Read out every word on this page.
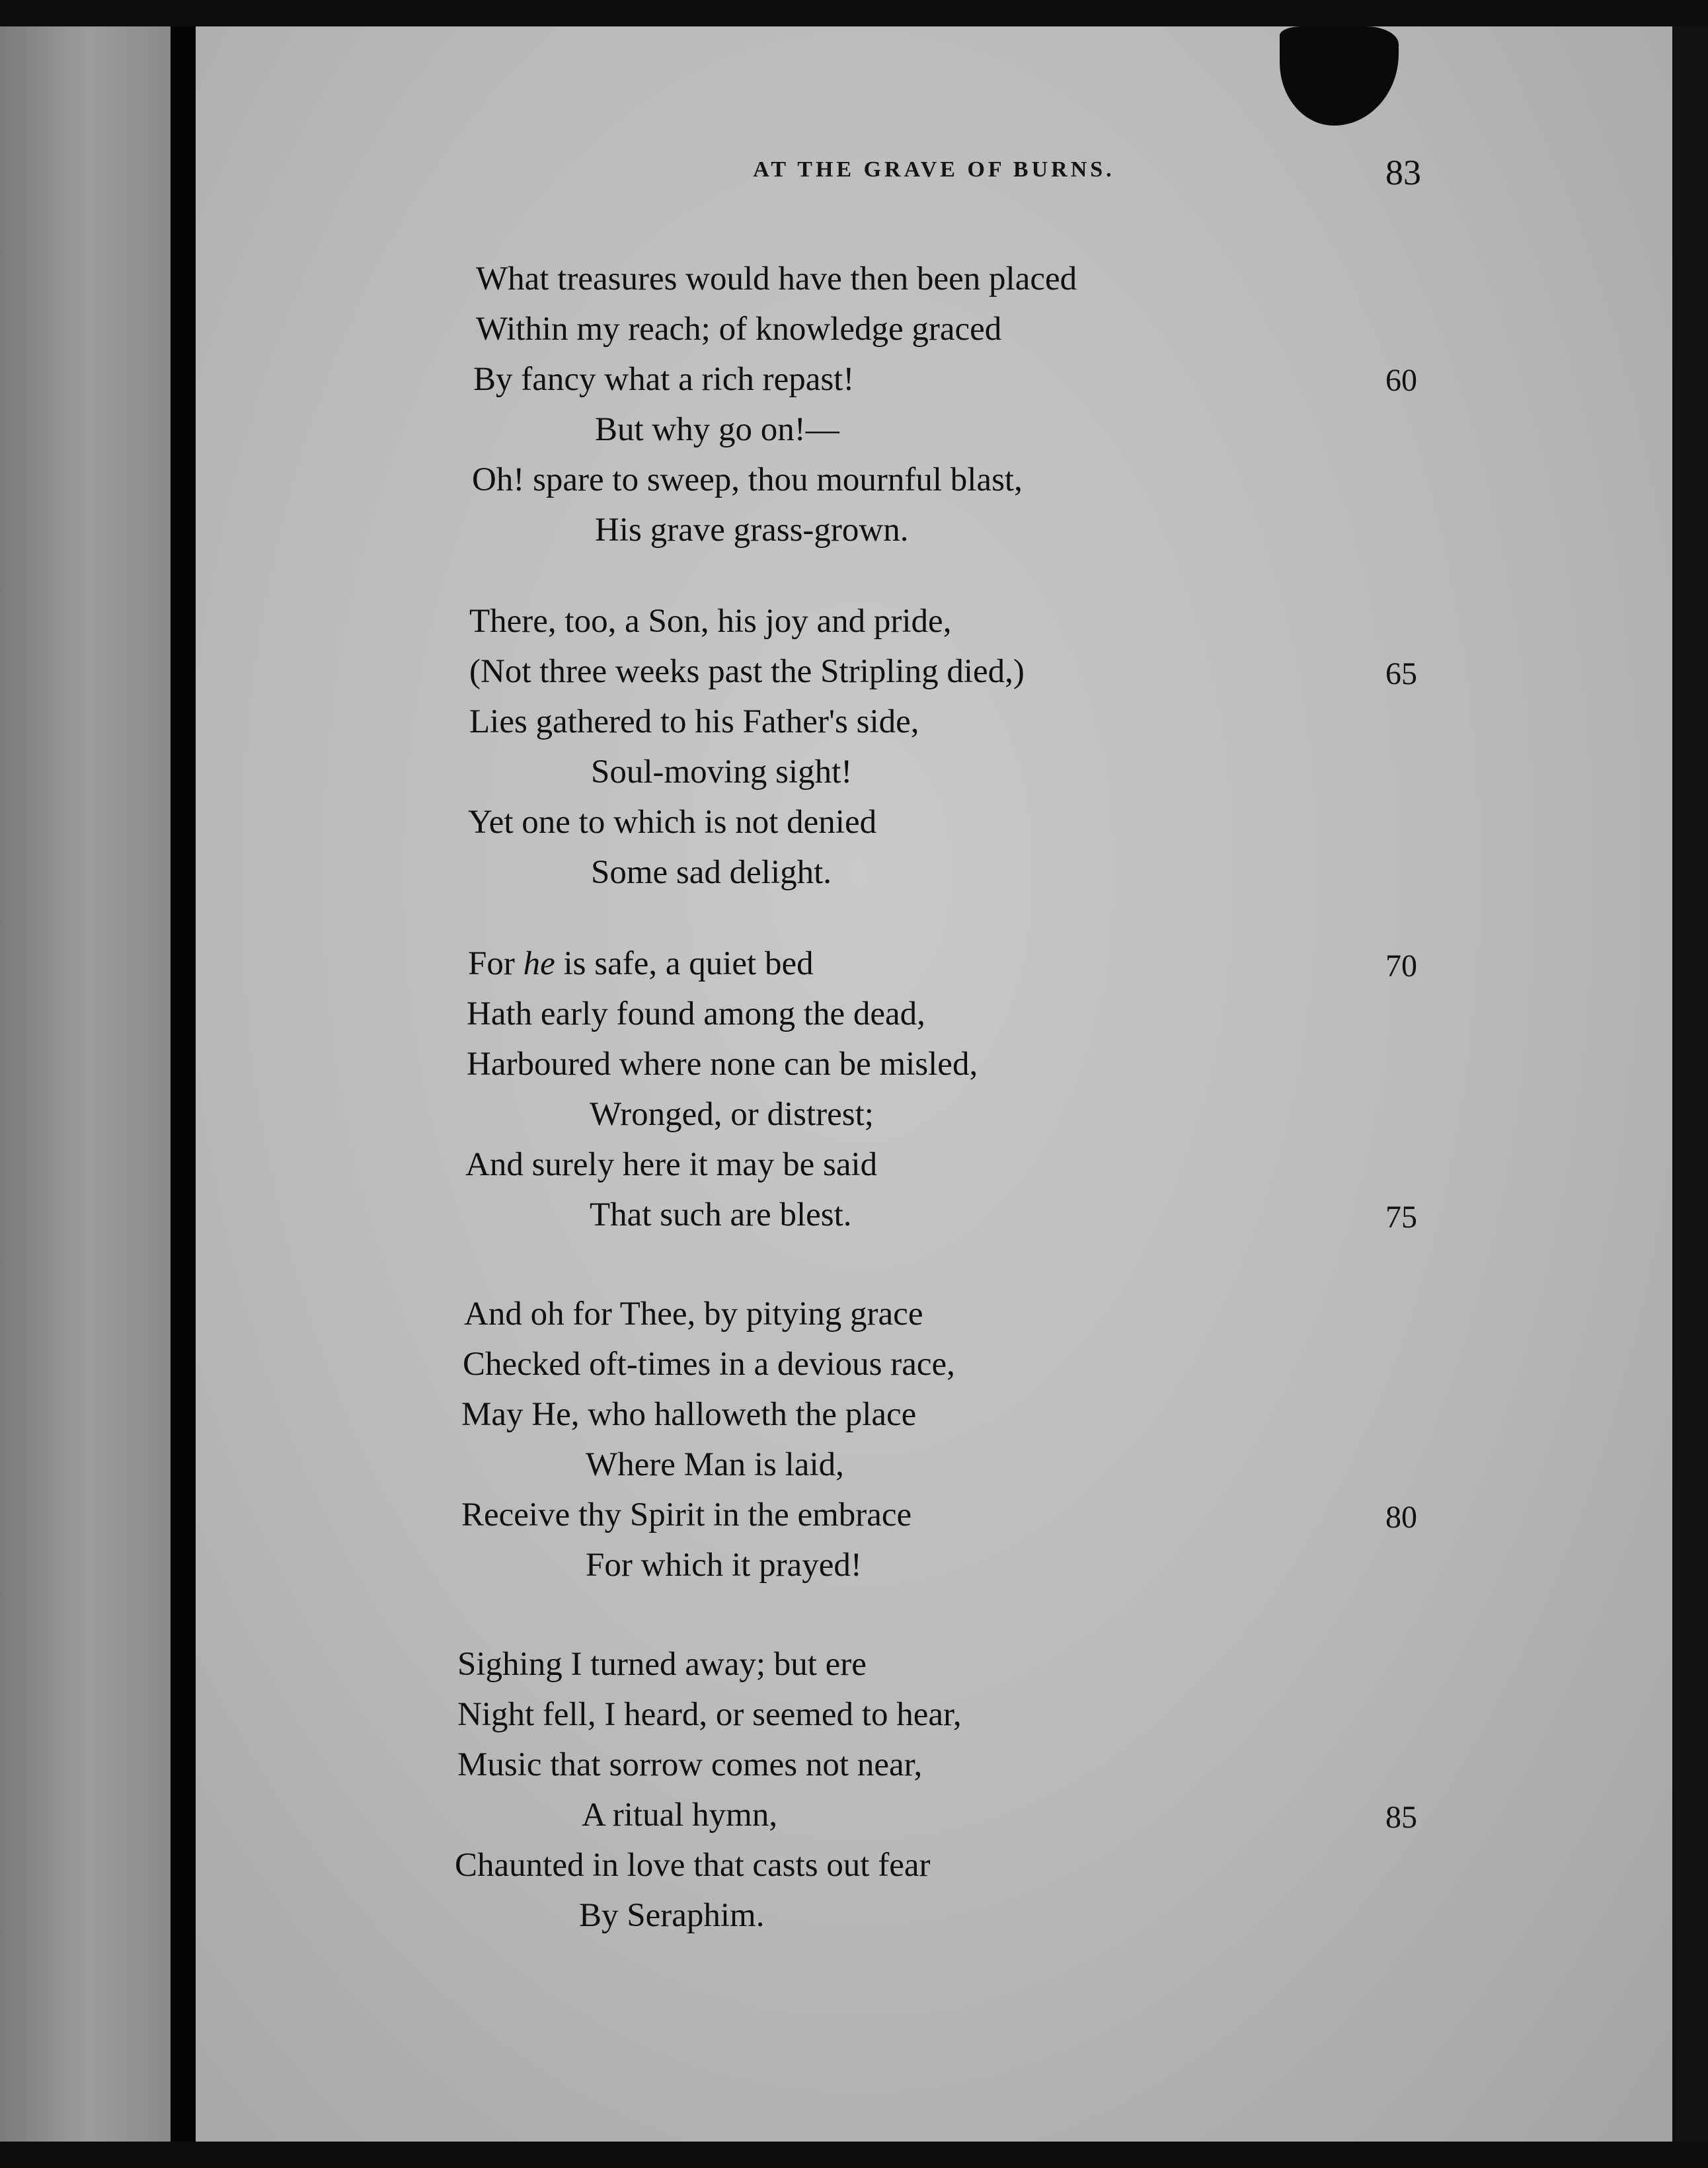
AT THE GRAVE OF BURNS.	83
What treasures would have then been placed
Within my reach; of knowledge graced
By fancy what a rich repast!	60
But why go on!—
Oh! spare to sweep, thou mournful blast,
His grave grass-grown.
There, too, a Son, his joy and pride,
(Not three weeks past the Stripling died,)	65
Lies gathered to his Father's side,
Soul-moving sight!
Yet one to which is not denied
Some sad delight.
For he is safe, a quiet bed	70
Hath early found among the dead,
Harboured where none can be misled,
Wronged, or distrest;
And surely here it may be said
That such are blest.	75
And oh for Thee, by pitying grace
Checked oft-times in a devious race,
May He, who halloweth the place
Where Man is laid,
Receive thy Spirit in the embrace	80
For which it prayed!
Sighing I turned away; but ere
Night fell, I heard, or seemed to hear,
Music that sorrow comes not near,
A ritual hymn,	85
Chaunted in love that casts out fear
By Seraphim.
